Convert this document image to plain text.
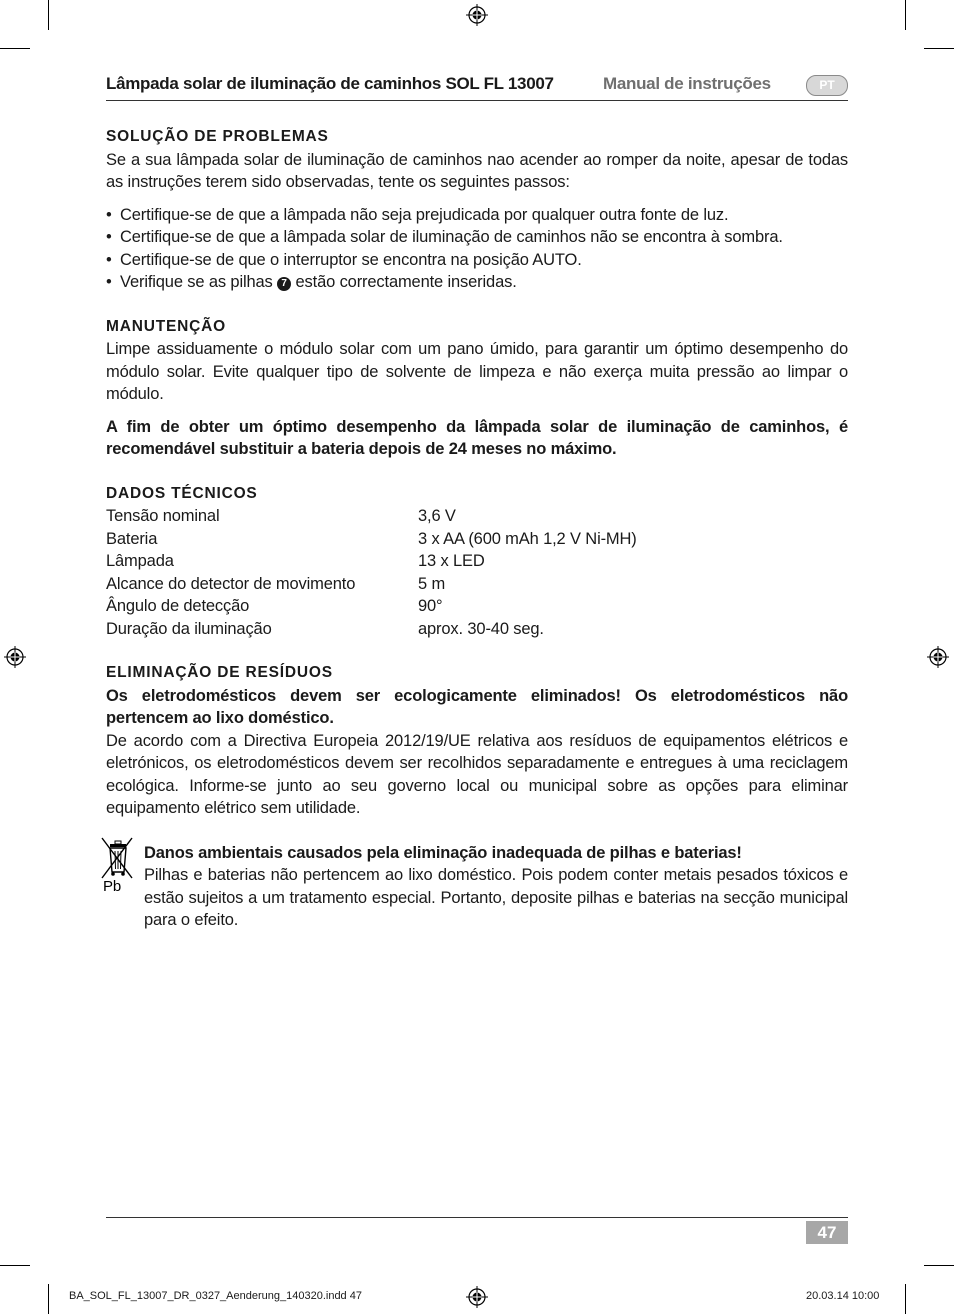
Lâmpada solar de iluminação de caminhos SOL FL 13007	Manual de instruções	PT
SOLUÇÃO DE PROBLEMAS

Se a sua lâmpada solar de iluminação de caminhos nao acender ao romper da noite, apesar de todas as instruções terem sido observadas, tente os seguintes passos:

• Certifique-se de que a lâmpada não seja prejudicada por qualquer outra fonte de luz.
• Certifique-se de que a lâmpada solar de iluminação de caminhos não se encontra à sombra.
• Certifique-se de que o interruptor se encontra na posição AUTO.
• Verifique se as pilhas 7 estão correctamente inseridas.
MANUTENÇÃO

Limpe assiduamente o módulo solar com um pano úmido, para garantir um óptimo desempenho do módulo solar. Evite qualquer tipo de solvente de limpeza e não exerça muita pressão ao limpar o módulo.

A fim de obter um óptimo desempenho da lâmpada solar de iluminação de caminhos, é recomendável substituir a bateria depois de 24 meses no máximo.

DADOS TÉCNICOS
Tensão nominal	3,6 V
Bateria	3 x AA (600 mAh 1,2 V Ni-MH)
Lâmpada	13 x LED
Alcance do detector de movimento	5 m
Ângulo de detecção	90°
Duração da iluminação	aprox. 30-40 seg.
ELIMINAÇÃO DE RESÍDUOS

Os eletrodomésticos devem ser ecologicamente eliminados! Os eletrodomésticos não pertencem ao lixo doméstico.

De acordo com a Directiva Europeia 2012/19/UE relativa aos resíduos de equipamentos elétricos e eletrónicos, os eletrodomésticos devem ser recolhidos separadamente e entregues à uma reciclagem ecológica. Informe-se junto ao seu governo local ou municipal sobre as opções para eliminar equipamento elétrico sem utilidade.

Pb

Danos ambientais causados pela eliminação inadequada de pilhas e baterias!

Pilhas e baterias não pertencem ao lixo doméstico. Pois podem conter metais pesados tóxicos e estão sujeitos a um tratamento especial. Portanto, deposite pilhas e baterias na secção municipal para o efeito.

47
BA_SOL_FL_13007_DR_0327_Aenderung_140320.indd 47	20.03.14 10:00
